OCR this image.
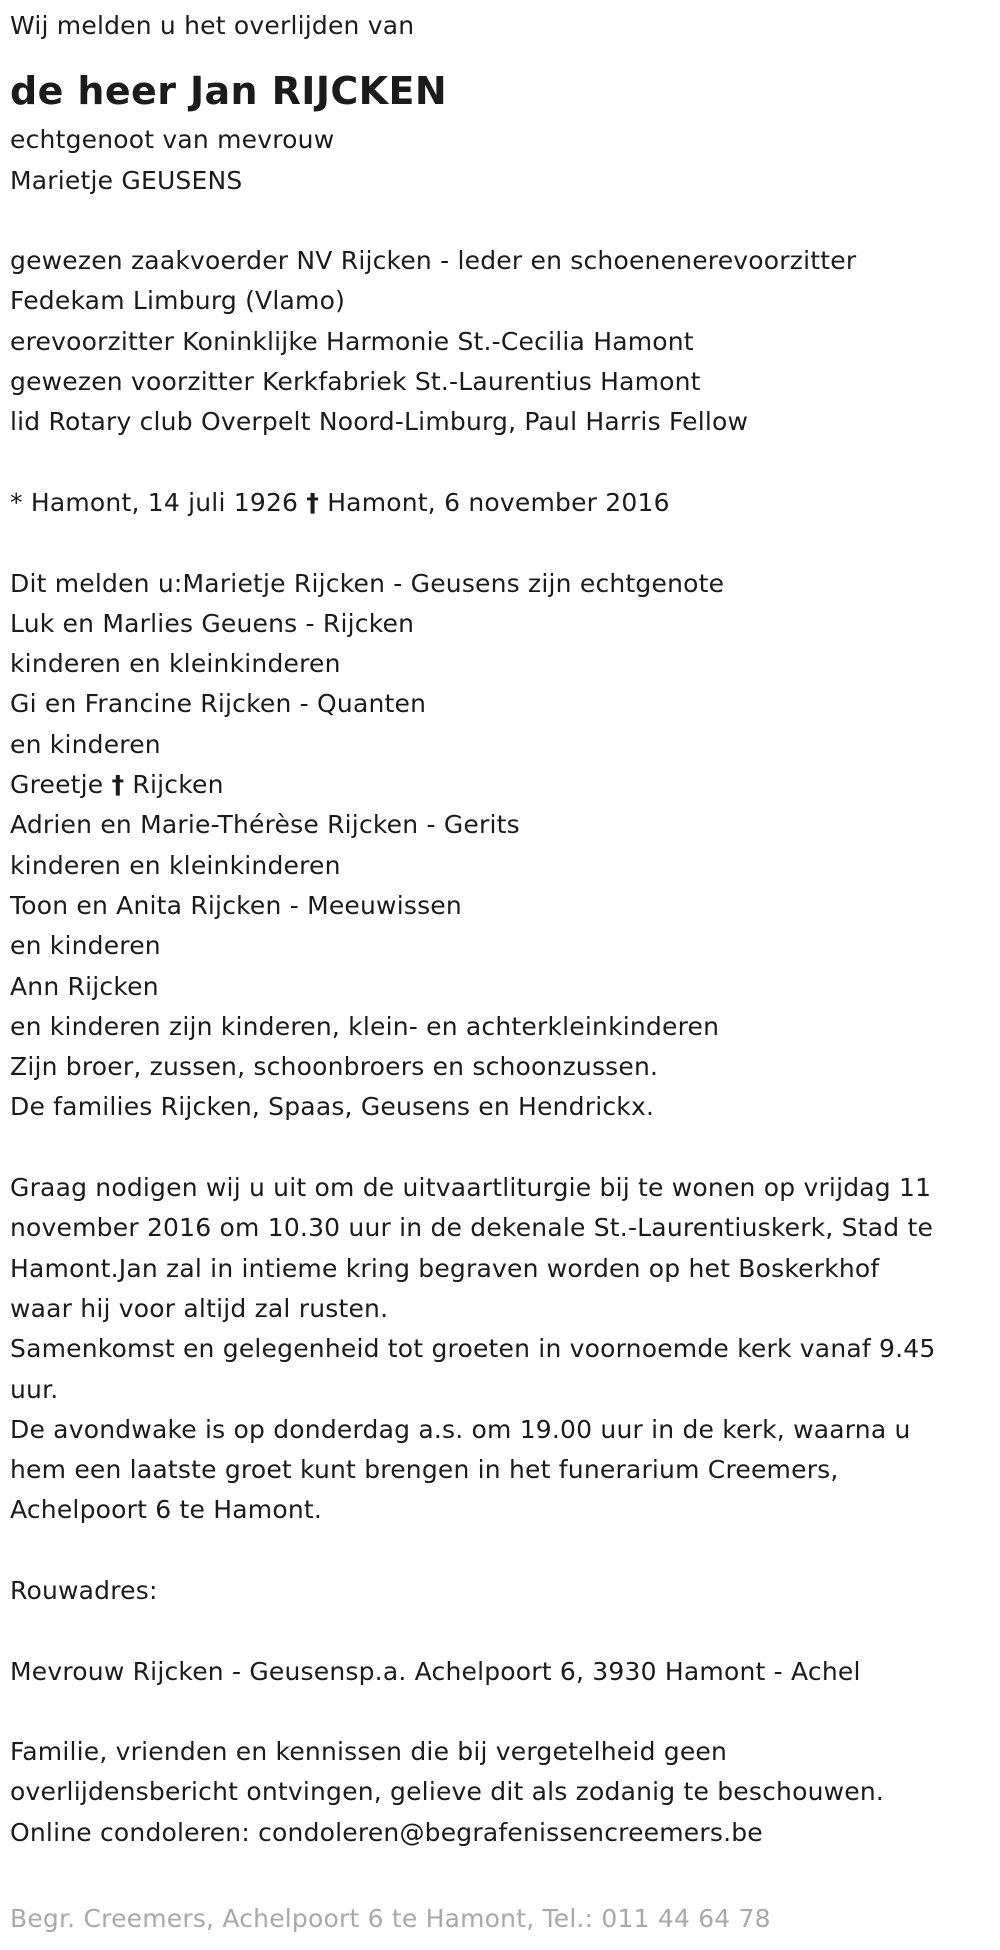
Wij melden u het overlijden van
de heer Jan RIJCKEN
echtgenoot van mevrouw
Marietje GEUSENS
gewezen zaakvoerder NV Rijcken - leder en schoenenerevoorzitter
Fedekam Limburg (Vlamo)
erevoorzitter Koninklijke Harmonie St.-Cecilia Hamont
gewezen voorzitter Kerkfabriek St.-Laurentius Hamont
lid Rotary club Overpelt Noord-Limburg, Paul Harris Fellow
* Hamont, 14 juli 1926 † Hamont, 6 november 2016
Dit melden u:Marietje Rijcken - Geusens zijn echtgenote
Luk en Marlies Geuens - Rijcken
kinderen en kleinkinderen
Gi en Francine Rijcken - Quanten
en kinderen
Greetje † Rijcken
Adrien en Marie-Thérèse Rijcken - Gerits
kinderen en kleinkinderen
Toon en Anita Rijcken - Meeuwissen
en kinderen
Ann Rijcken
en kinderen zijn kinderen, klein- en achterkleinkinderen
Zijn broer, zussen, schoonbroers en schoonzussen.
De families Rijcken, Spaas, Geusens en Hendrickx.
Graag nodigen wij u uit om de uitvaartliturgie bij te wonen op vrijdag 11
november 2016 om 10.30 uur in de dekenale St.-Laurentiuskerk, Stad te
Hamont.Jan zal in intieme kring begraven worden op het Boskerkhof
waar hij voor altijd zal rusten.
Samenkomst en gelegenheid tot groeten in voornoemde kerk vanaf 9.45
uur.
De avondwake is op donderdag a.s. om 19.00 uur in de kerk, waarna u
hem een laatste groet kunt brengen in het funerarium Creemers,
Achelpoort 6 te Hamont.
Rouwadres:
Mevrouw Rijcken - Geusensp.a. Achelpoort 6, 3930 Hamont - Achel
Familie, vrienden en kennissen die bij vergetelheid geen
overlijdensbericht ontvingen, gelieve dit als zodanig te beschouwen.
Online condoleren: condoleren@begrafenissencreemers.be
Begr. Creemers, Achelpoort 6 te Hamont, Tel.: 011 44 64 78
